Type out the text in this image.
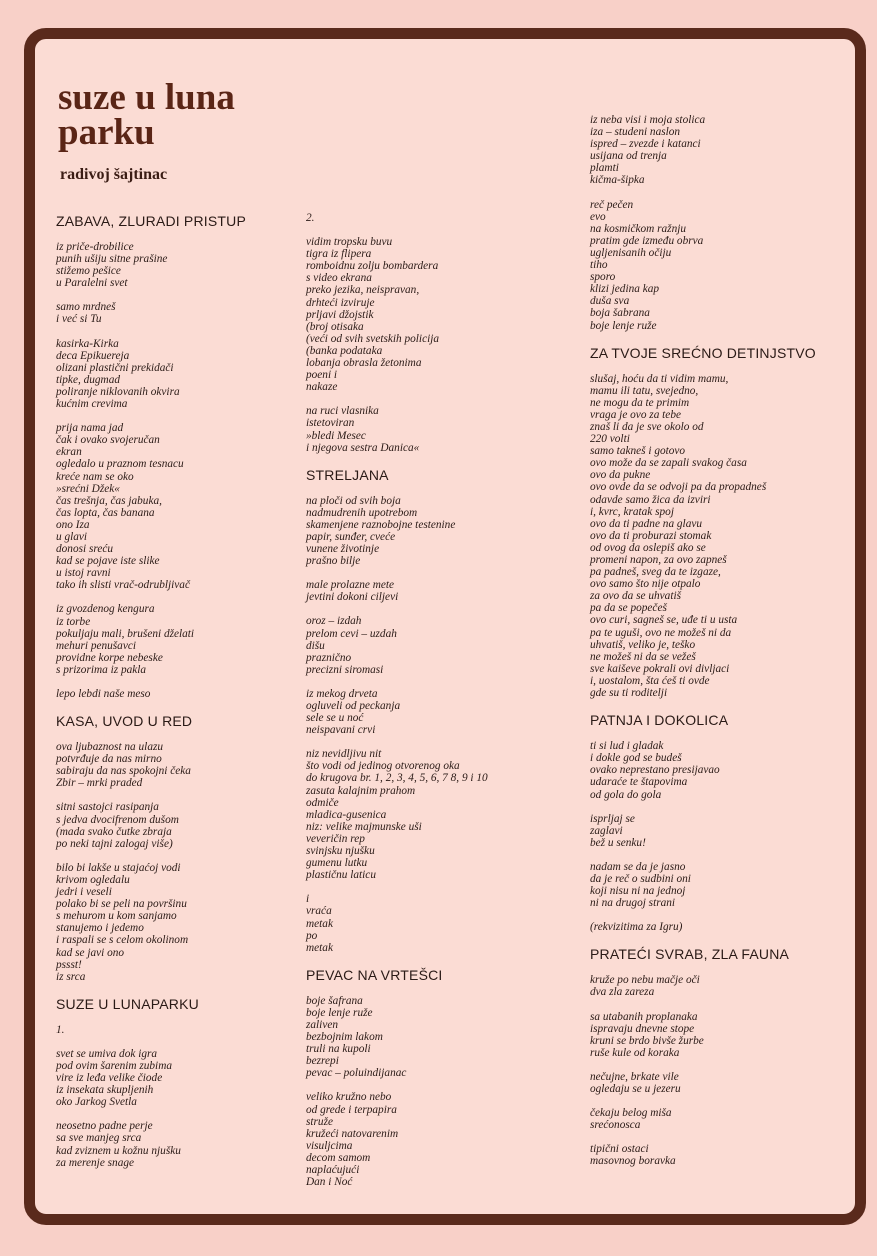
suze u luna
parku
radivoj šajtinac
ZABAVA, ZLURADI PRISTUP
iz priče-drobilice
punih ušiju sitne prašine
stižemo pešice
u Paralelni svet
samo mrdneš
i već si Tu
kasirka-Kirka
deca Epikuereja
olizani plastični prekidači
tipke, dugmad
poliranje niklovanih okvira
kućnim crevima
prija nama jad
čak i ovako svojeručan
ekran
ogledalo u praznom tesnacu
kreće nam se oko
»srećni Džek«
čas trešnja, čas jabuka,
čas lopta, čas banana
ono Iza
u glavi
donosi sreću
kad se pojave iste slike
u istoj ravni
tako ih slisti vrač-odrubljivač
iz gvozdenog kengura
iz torbe
pokuljaju mali, brušeni dželati
mehuri penušavci
providne korpe nebeske
s prizorima iz pakla
lepo lebdi naše meso
KASA, UVOD U RED
ova ljubaznost na ulazu
potvrđuje da nas mirno
sabiraju da nas spokojni čeka
Zbir – mrki praded
sitni sastojci rasipanja
s jedva dvocifrenom dušom
(mada svako čutke zbraja
po neki tajni zalogaj više)
bilo bi lakše u stajaćoj vodi
krivom ogledalu
jedri i veseli
polako bi se peli na površinu
s mehurom u kom sanjamo
stanujemo i jedemo
i raspali se s celom okolinom
kad se javi ono
pssst!
iz srca
SUZE U LUNAPARKU
1.
svet se umiva dok igra
pod ovim šarenim zubima
vire iz leđa velike čiode
iz insekata skupljenih
oko Jarkog Svetla
neosetno padne perje
sa sve manjeg srca
kad zviznem u kožnu njušku
za merenje snage
2.
vidim tropsku buvu
tigra iz flipera
romboidnu zolju bombardera
s video ekrana
preko jezika, neispravan,
drhteći izviruje
prljavi džojstik
(broj otisaka
(veći od svih svetskih policija
(banka podataka
lobanja obrasla žetonima
poeni i
nakaze
na ruci vlasnika
istetoviran
»bledi Mesec
i njegova sestra Danica«
STRELJANA
na ploči od svih boja
nadmudrenih upotrebom
skamenjene raznobojne testenine
papir, sunđer, cveće
vunene životinje
prašno bilje
male prolazne mete
jevtini dokoni ciljevi
oroz – izdah
prelom cevi – uzdah
dišu
praznično
precizni siromasi
iz mekog drveta
ogluveli od peckanja
sele se u noć
neispavani crvi
niz nevidljivu nit
što vodi od jedinog otvorenog oka
do krugova br. 1, 2, 3, 4, 5, 6, 7 8, 9 i 10
zasuta kalajnim prahom
odmiče
mladica-gusenica
niz: velike majmunske uši
veveričin rep
svinjsku njušku
gumenu lutku
plastičnu laticu
i
vraća
metak
po
metak
PEVAC NA VRTEŠCI
boje šafrana
boje lenje ruže
zaliven
bezbojnim lakom
truli na kupoli
bezrepi
pevac – poluindijanac
veliko kružno nebo
od grede i terpapira
struže
kružeći natovarenim
visuljcima
decom samom
naplaćujući
Dan i Noć
iz neba visi i moja stolica
iza – studeni naslon
ispred – zvezde i katanci
usijana od trenja
plamti
kičma-šipka
reč pečen
evo
na kosmičkom ražnju
pratim gde između obrva
ugljenisanih očiju
tiho
sporo
klizi jedina kap
duša sva
boja šabrana
boje lenje ruže
ZA TVOJE SREĆNO DETINJSTVO
slušaj, hoću da ti vidim mamu,
mamu ili tatu, svejedno,
ne mogu da te primim
vraga je ovo za tebe
znaš li da je sve okolo od
220 volti
samo takneš i gotovo
ovo može da se zapali svakog časa
ovo da pukne
ovo ovde da se odvoji pa da propadneš
odavde samo žica da izviri
i, kvrc, kratak spoj
ovo da ti padne na glavu
ovo da ti proburazi stomak
od ovog da oslepiš ako se
promeni napon, za ovo zapneš
pa padneš, sveg da te izgaze,
ovo samo što nije otpalo
za ovo da se uhvatiš
pa da se popečeš
ovo curi, sagneš se, uđe ti u usta
pa te uguši, ovo ne možeš ni da
uhvatiš, veliko je, teško
ne možeš ni da se vežeš
sve kaiševe pokrali ovi divljaci
i, uostalom, šta ćeš ti ovde
gde su ti roditelji
PATNJA I DOKOLICA
ti si lud i gladak
i dokle god se budeš
ovako neprestano presijavao
udaraće te štapovima
od gola do gola
isprljaj se
zaglavi
bež u senku!
nadam se da je jasno
da je reč o sudbini oni
koji nisu ni na jednoj
ni na drugoj strani
(rekvizitima za Igru)
PRATEĆI SVRAB, ZLA FAUNA
kruže po nebu mačje oči
dva zla zareza
sa utabanih proplanaka
ispravaju dnevne stope
kruni se brdo bivše žurbe
ruše kule od koraka
nečujne, brkate vile
ogledaju se u jezeru
čekaju belog miša
srećonosca
tipični ostaci
masovnog boravka
